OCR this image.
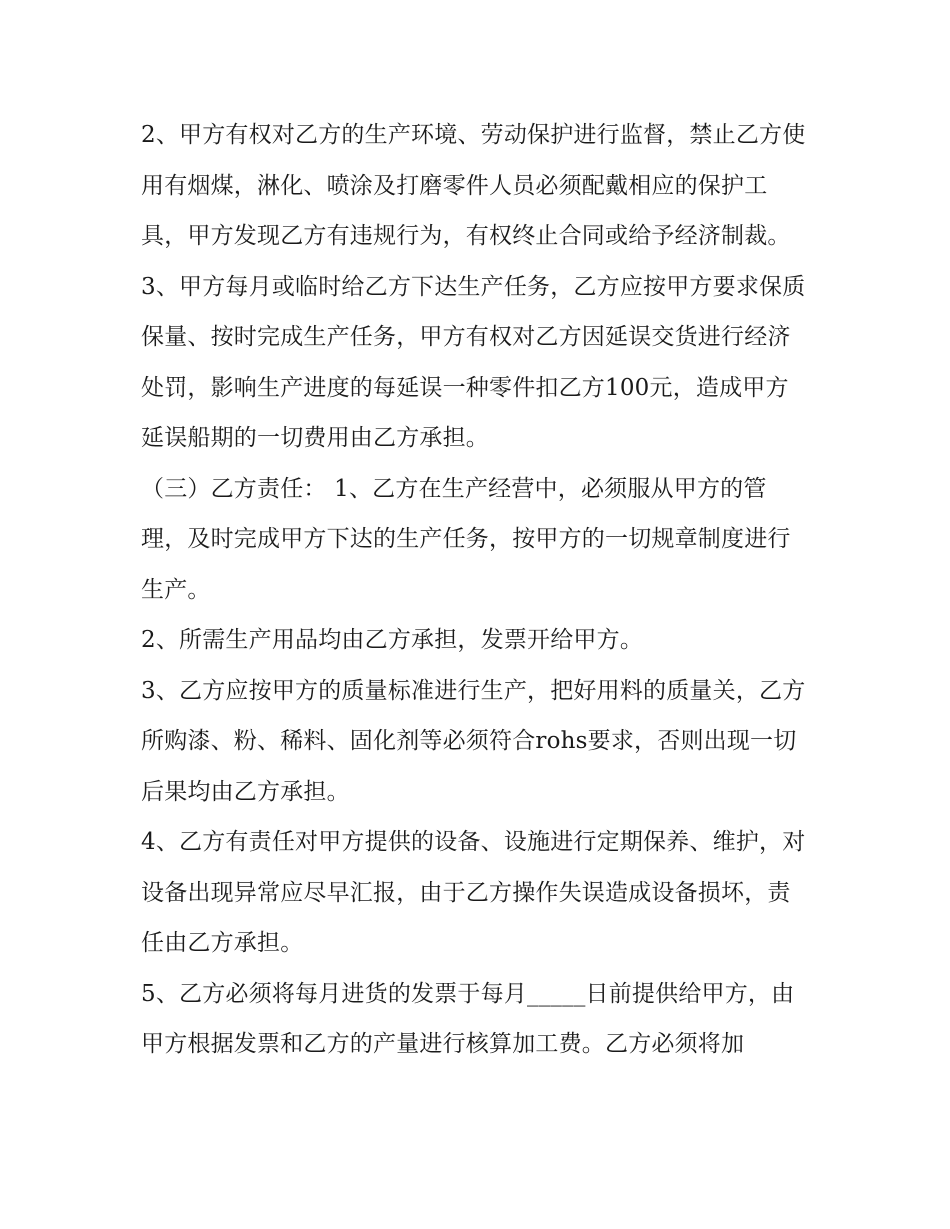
2、甲方有权对乙方的生产环境、劳动保护进行监督，禁止乙方使用有烟煤，淋化、喷涂及打磨零件人员必须配戴相应的保护工具，甲方发现乙方有违规行为，有权终止合同或给予经济制裁。

3、甲方每月或临时给乙方下达生产任务，乙方应按甲方要求保质保量、按时完成生产任务，甲方有权对乙方因延误交货进行经济处罚，影响生产进度的每延误一种零件扣乙方100元，造成甲方延误船期的一切费用由乙方承担。

（三）乙方责任： 1、乙方在生产经营中，必须服从甲方的管理，及时完成甲方下达的生产任务，按甲方的一切规章制度进行生产。

2、所需生产用品均由乙方承担，发票开给甲方。

3、乙方应按甲方的质量标准进行生产，把好用料的质量关，乙方所购漆、粉、稀料、固化剂等必须符合rohs要求，否则出现一切后果均由乙方承担。

4、乙方有责任对甲方提供的设备、设施进行定期保养、维护，对设备出现异常应尽早汇报，由于乙方操作失误造成设备损坏，责任由乙方承担。

5、乙方必须将每月进货的发票于每月_____日前提供给甲方，由甲方根据发票和乙方的产量进行核算加工费。乙方必须将加
